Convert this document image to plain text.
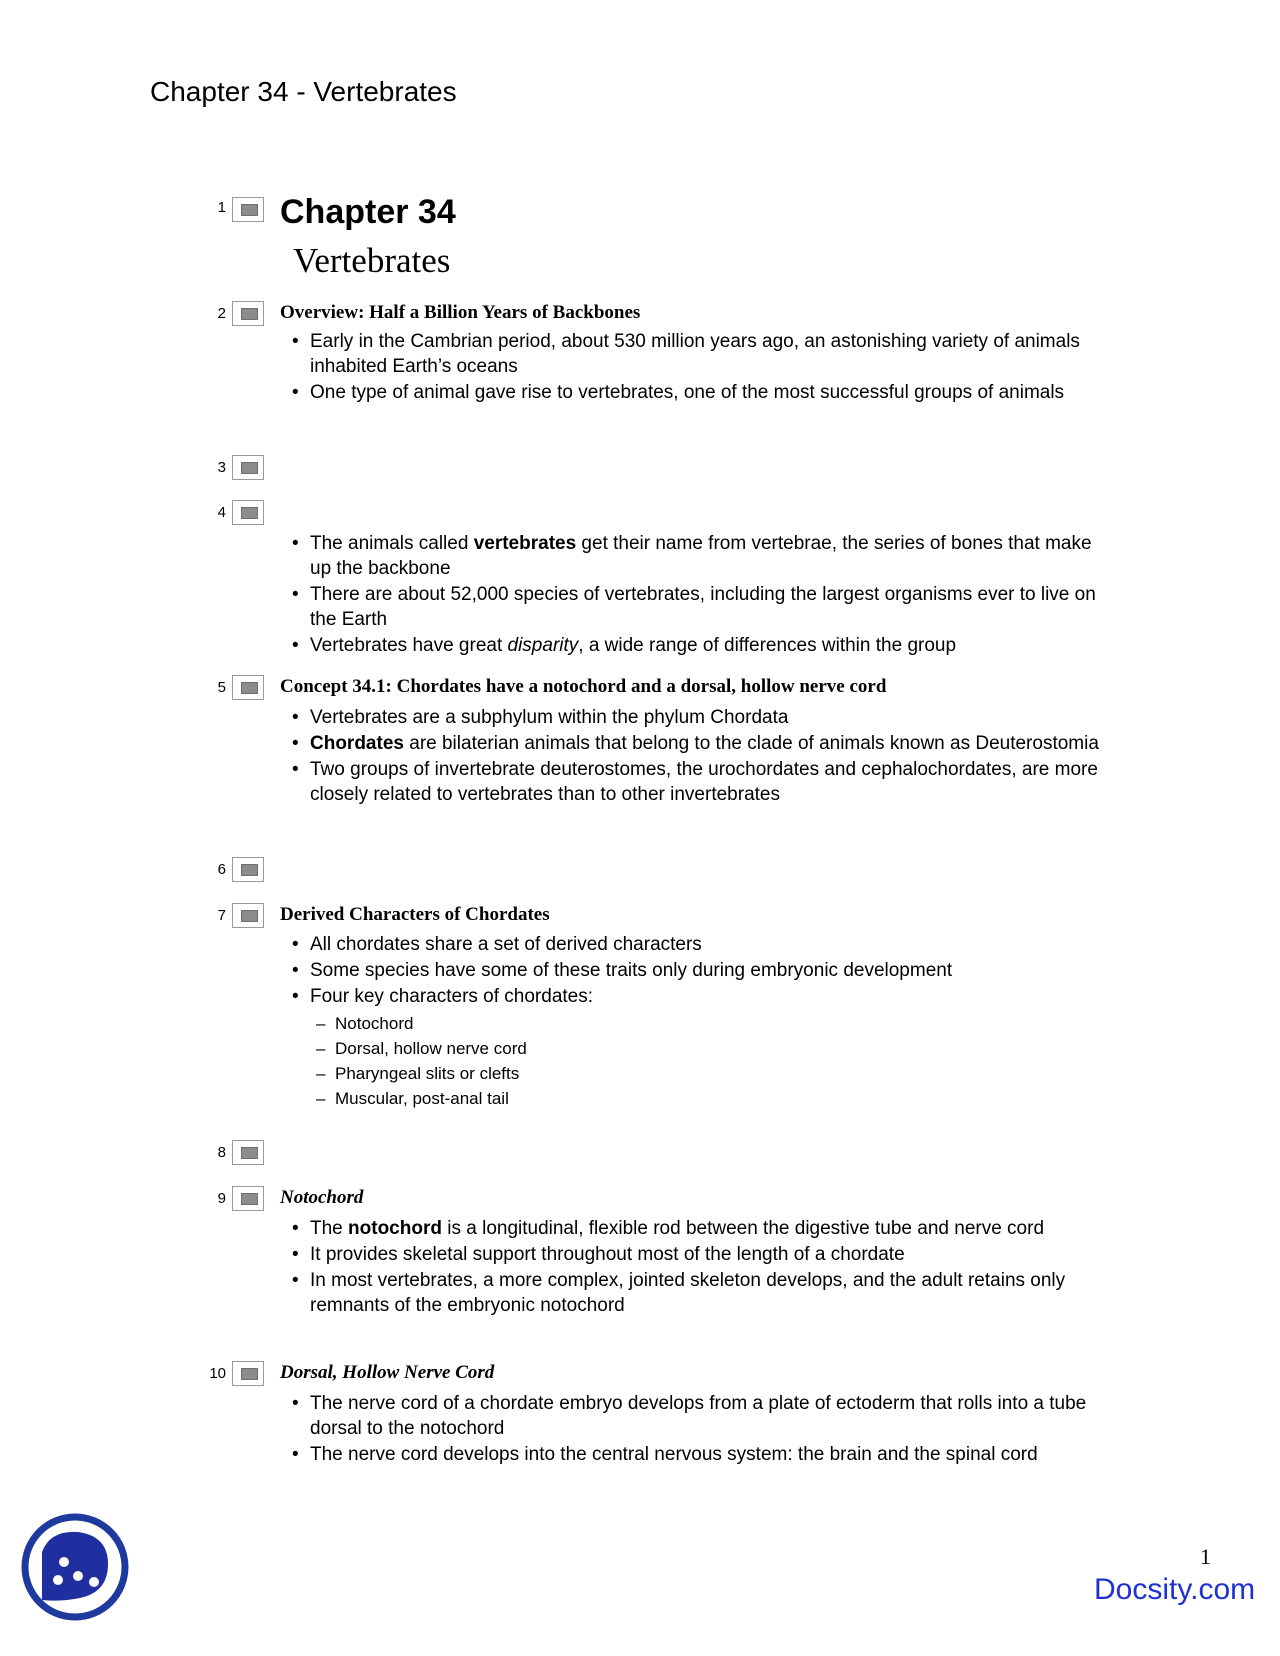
Chapter 34 - Vertebrates
1 Chapter 34
Vertebrates
2	Overview: Half a Billion Years of Backbones
• Early in the Cambrian period, about 530 million years ago, an astonishing variety of animals inhabited Earth’s oceans
• One type of animal gave rise to vertebrates, one of the most successful groups of animals
3
4
• The animals called vertebrates get their name from vertebrae, the series of bones that make up the backbone
• There are about 52,000 species of vertebrates, including the largest organisms ever to live on the Earth
• Vertebrates have great disparity, a wide range of differences within the group
5	Concept 34.1: Chordates have a notochord and a dorsal, hollow nerve cord
• Vertebrates are a subphylum within the phylum Chordata
• Chordates are bilaterian animals that belong to the clade of animals known as Deuterostomia
• Two groups of invertebrate deuterostomes, the urochordates and cephalochordates, are more closely related to vertebrates than to other invertebrates
6
7	Derived Characters of Chordates
• All chordates share a set of derived characters
• Some species have some of these traits only during embryonic development
• Four key characters of chordates:
– Notochord
– Dorsal, hollow nerve cord
– Pharyngeal slits or clefts
– Muscular, post-anal tail
8
9	Notochord
• The notochord is a longitudinal, flexible rod between the digestive tube and nerve cord
• It provides skeletal support throughout most of the length of a chordate
• In most vertebrates, a more complex, jointed skeleton develops, and the adult retains only remnants of the embryonic notochord
10	Dorsal, Hollow Nerve Cord
• The nerve cord of a chordate embryo develops from a plate of ectoderm that rolls into a tube dorsal to the notochord
• The nerve cord develops into the central nervous system: the brain and the spinal cord
1
Docsity.com
